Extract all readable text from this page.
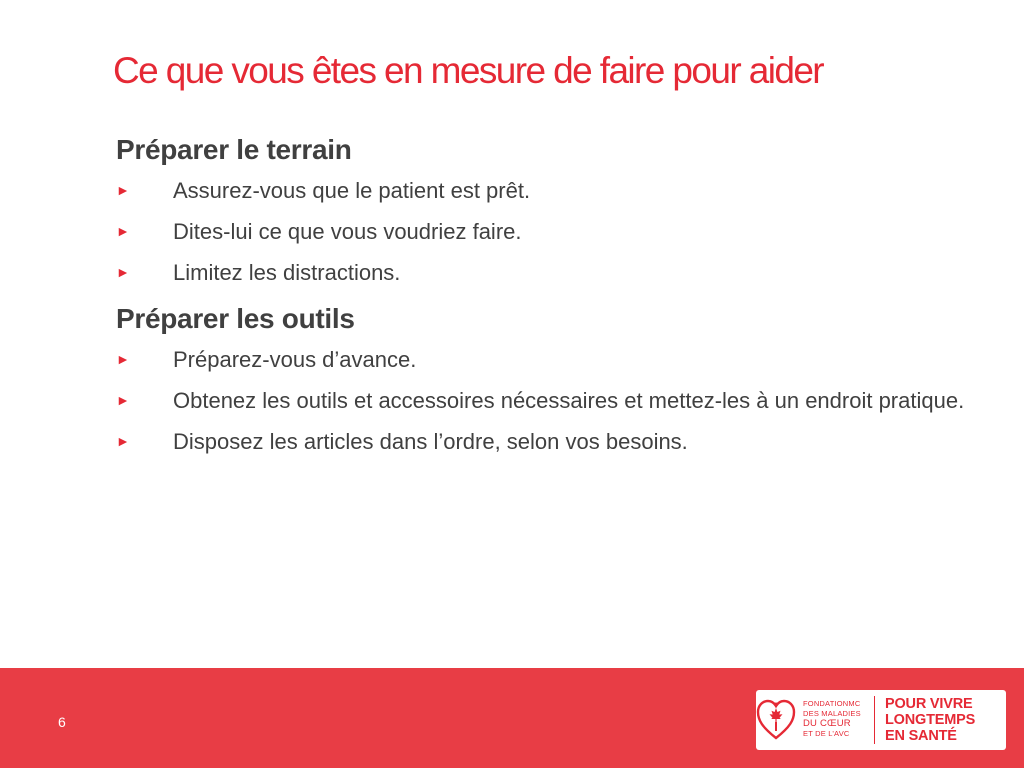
Ce que vous êtes en mesure de faire pour aider
Préparer le terrain
► Assurez-vous que le patient est prêt.
► Dites-lui ce que vous voudriez faire.
► Limitez les distractions.
Préparer les outils
► Préparez-vous d’avance.
► Obtenez les outils et accessoires nécessaires et mettez-les à un endroit pratique.
► Disposez les articles dans l’ordre, selon vos besoins.
6
FONDATIONMC
DES MALADIES
DU CŒUR
ET DE L’AVC
POUR VIVRE
LONGTEMPS
EN SANTÉ
